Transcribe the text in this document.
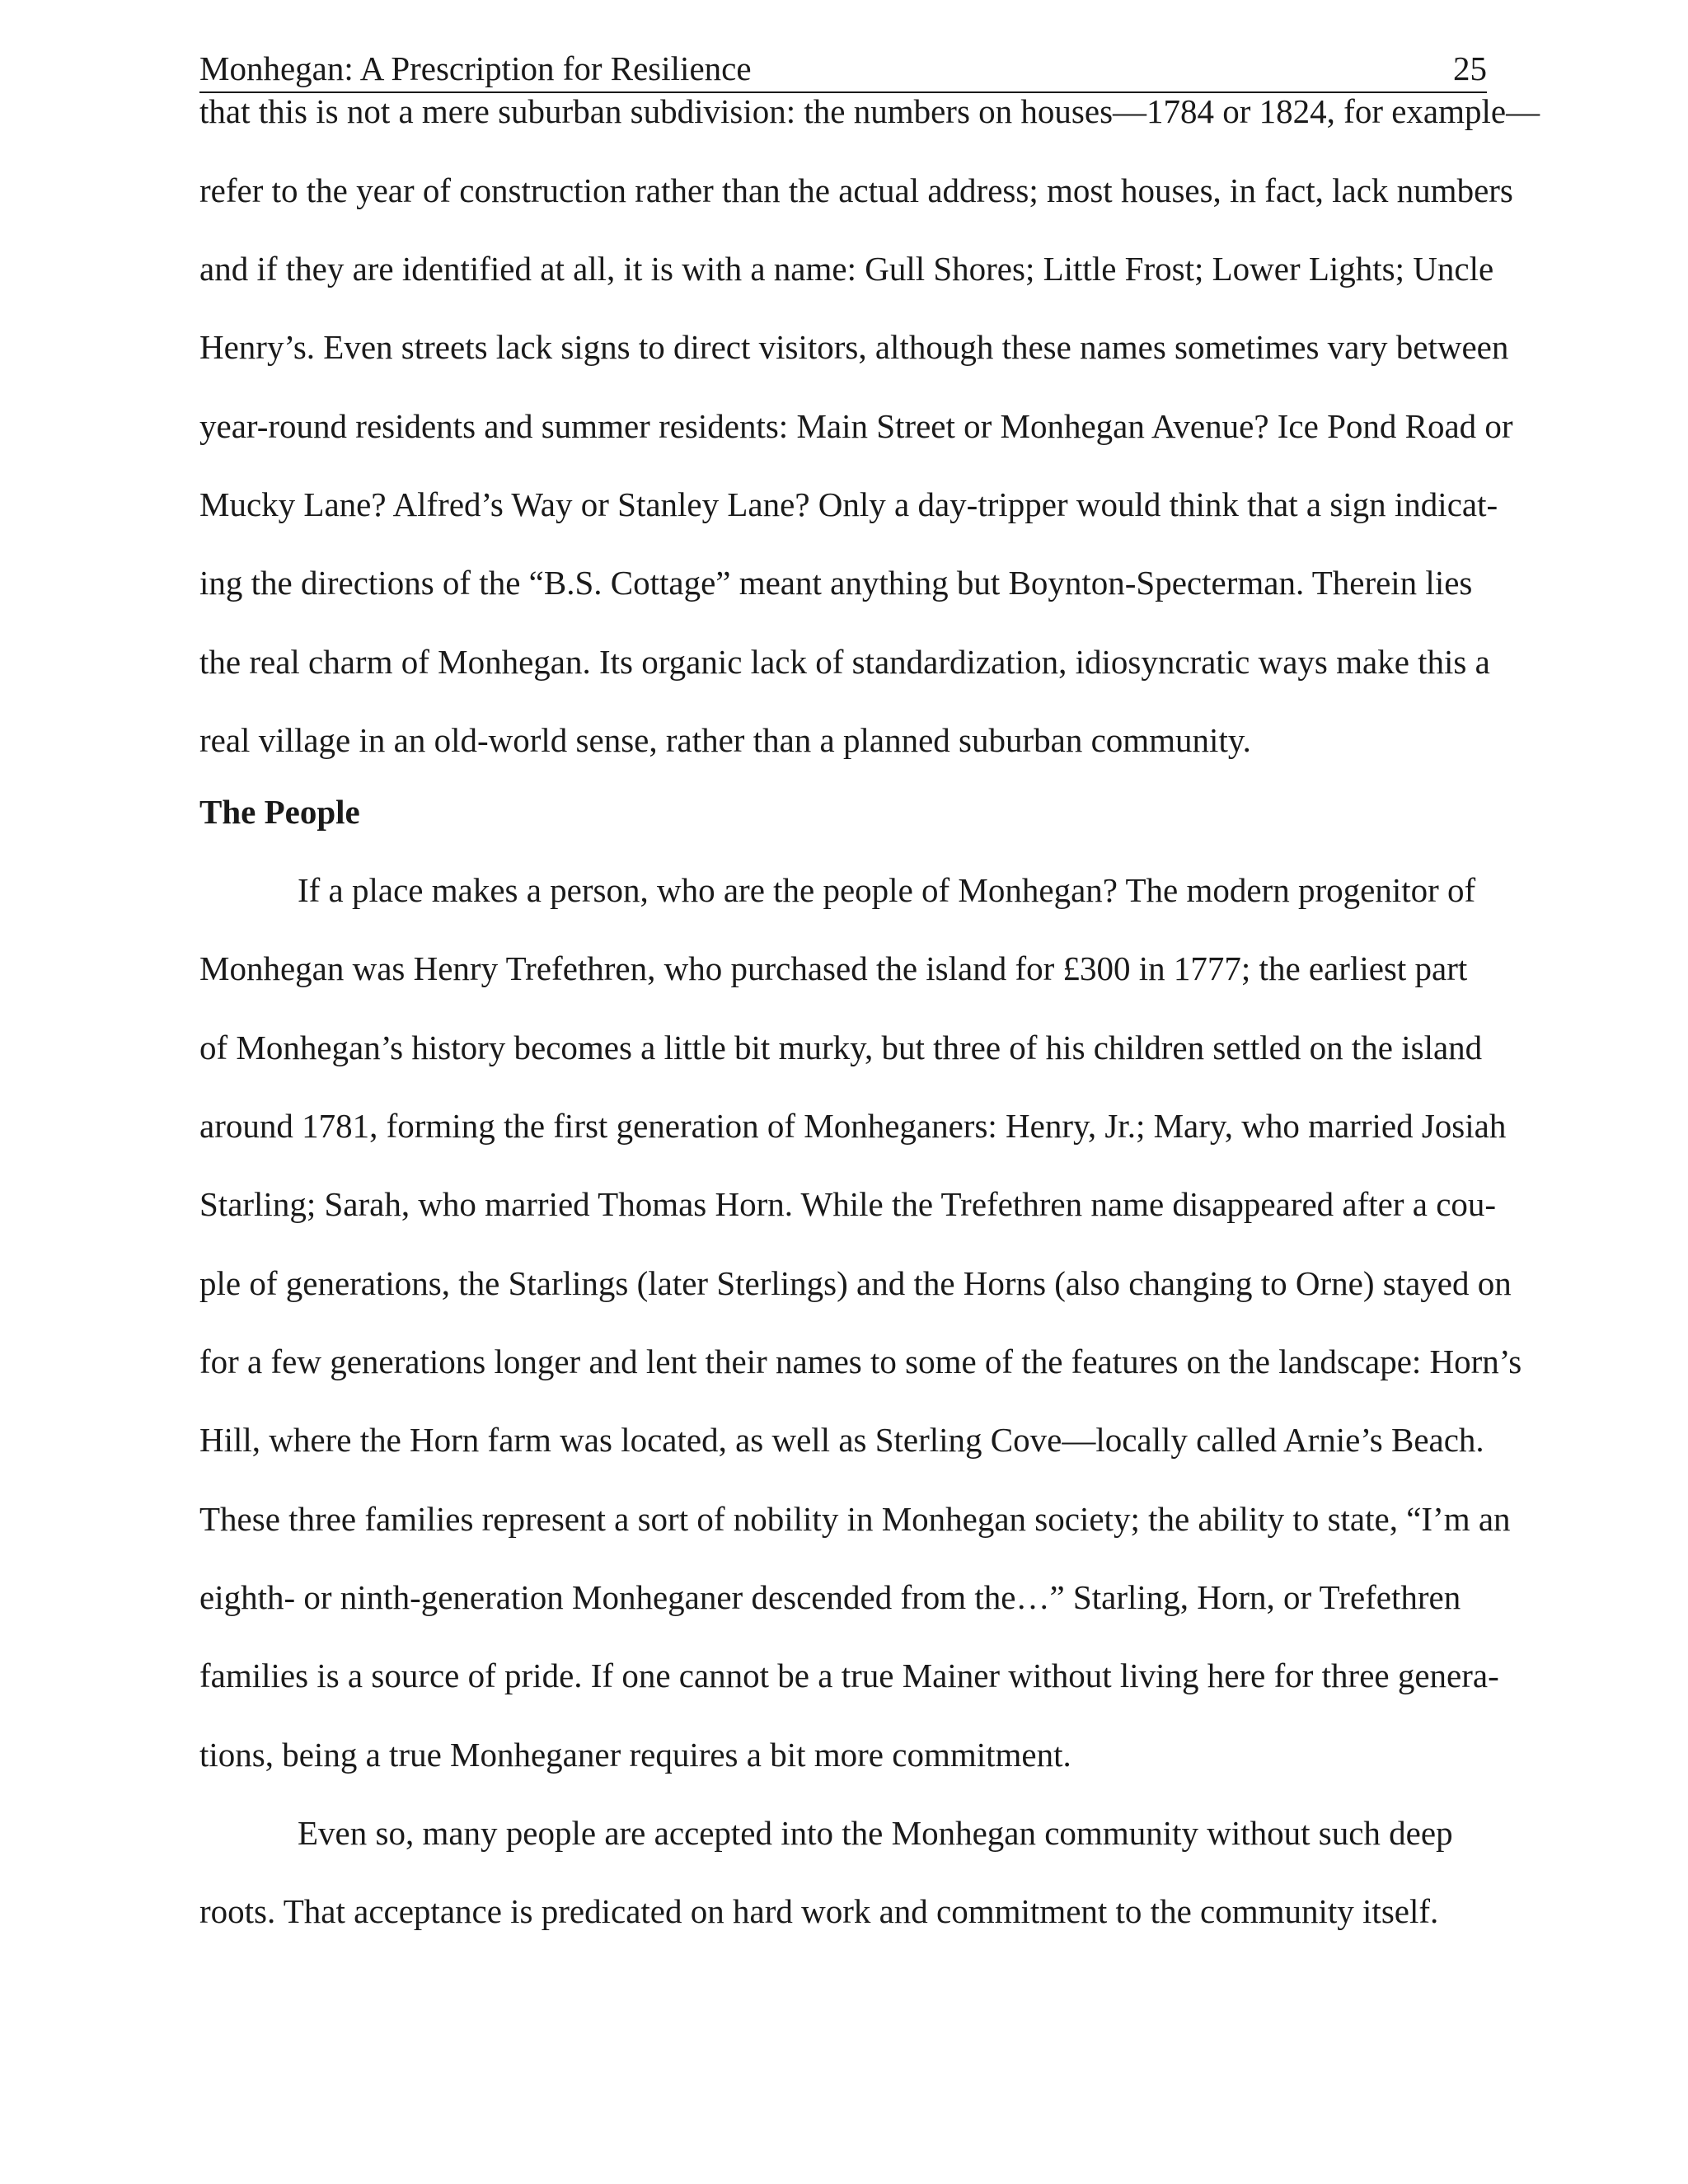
Monhegan: A Prescription for Resilience	25
that this is not a mere suburban subdivision: the numbers on houses—1784 or 1824, for example—
refer to the year of construction rather than the actual address; most houses, in fact, lack numbers
and if they are identified at all, it is with a name: Gull Shores; Little Frost; Lower Lights; Uncle
Henry’s. Even streets lack signs to direct visitors, although these names sometimes vary between
year-round residents and summer residents: Main Street or Monhegan Avenue? Ice Pond Road or
Mucky Lane? Alfred’s Way or Stanley Lane? Only a day-tripper would think that a sign indicat-
ing the directions of the “B.S. Cottage” meant anything but Boynton-Specterman. Therein lies
the real charm of Monhegan. Its organic lack of standardization, idiosyncratic ways make this a
real village in an old-world sense, rather than a planned suburban community.
The People
If a place makes a person, who are the people of Monhegan? The modern progenitor of
Monhegan was Henry Trefethren, who purchased the island for £300 in 1777; the earliest part
of Monhegan’s history becomes a little bit murky, but three of his children settled on the island
around 1781, forming the first generation of Monheganers: Henry, Jr.; Mary, who married Josiah
Starling; Sarah, who married Thomas Horn. While the Trefethren name disappeared after a cou-
ple of generations, the Starlings (later Sterlings) and the Horns (also changing to Orne) stayed on
for a few generations longer and lent their names to some of the features on the landscape: Horn’s
Hill, where the Horn farm was located, as well as Sterling Cove—locally called Arnie’s Beach.
These three families represent a sort of nobility in Monhegan society; the ability to state, “I’m an
eighth- or ninth-generation Monheganer descended from the…” Starling, Horn, or Trefethren
families is a source of pride. If one cannot be a true Mainer without living here for three genera-
tions, being a true Monheganer requires a bit more commitment.
Even so, many people are accepted into the Monhegan community without such deep
roots. That acceptance is predicated on hard work and commitment to the community itself.
